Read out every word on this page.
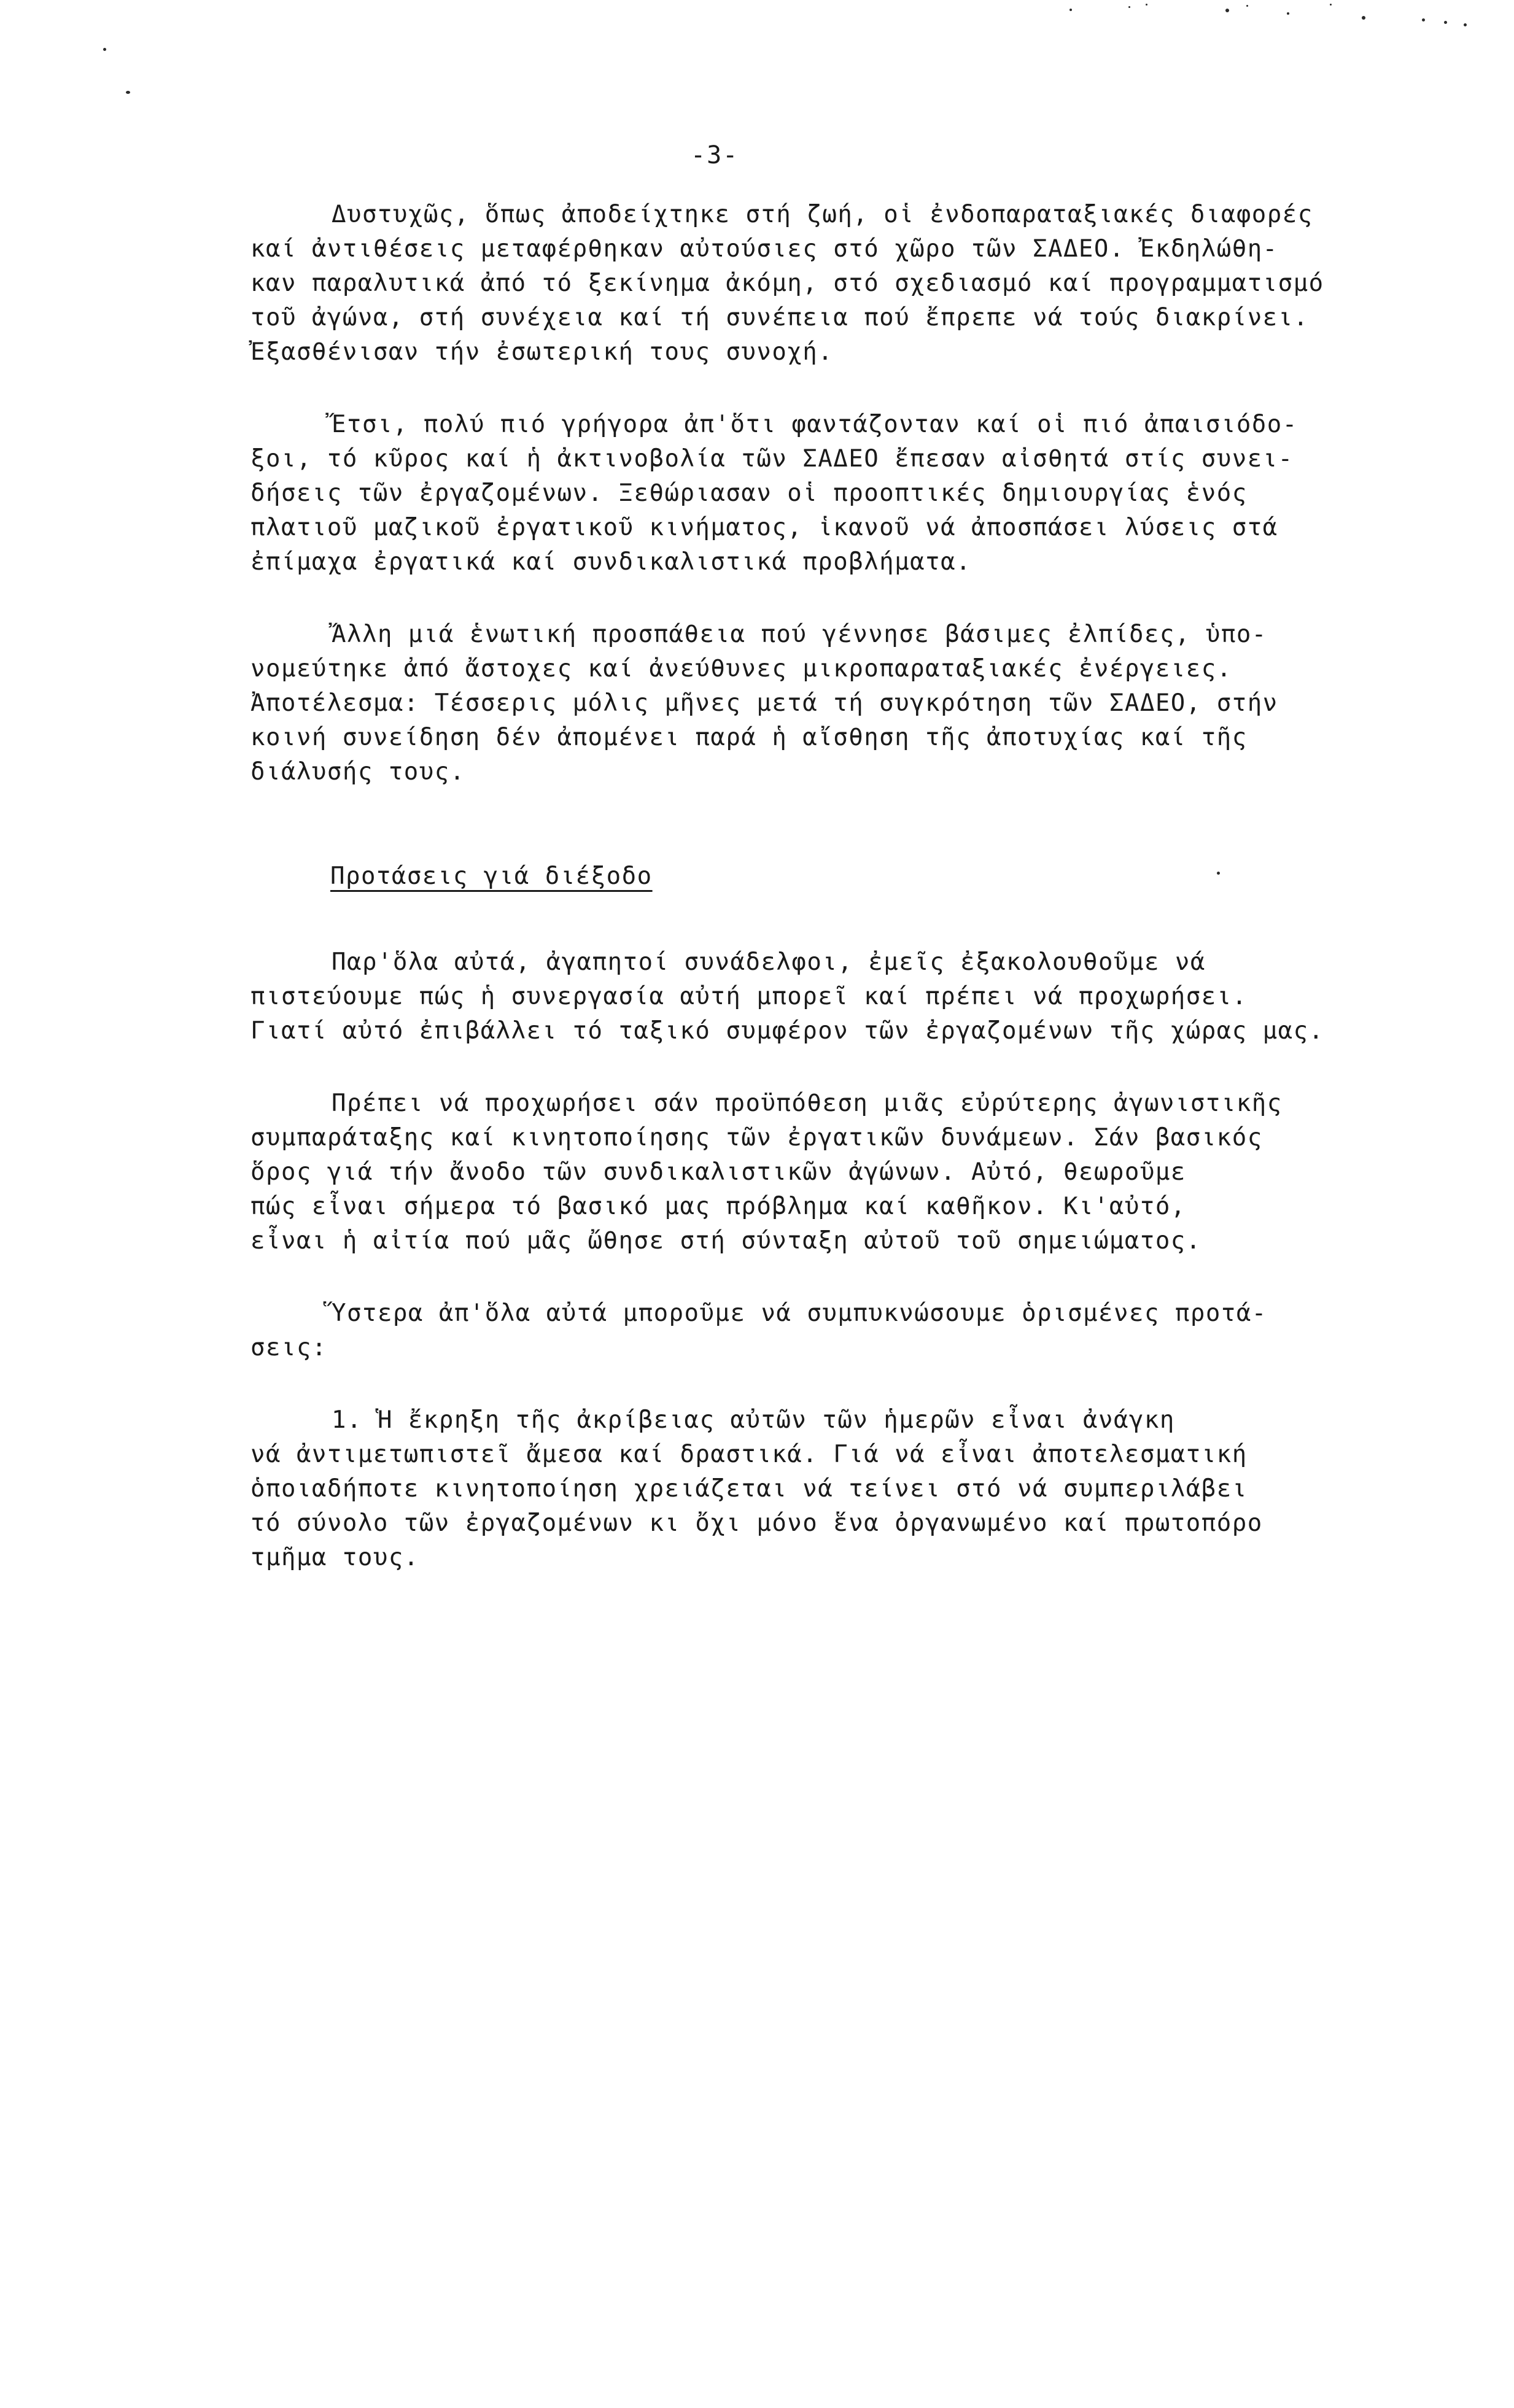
-3-
Δυστυχῶς, ὅπως ἀποδείχτηκε στή ζωή, οἱ ἐνδοπαραταξιακές διαφορές
καί ἀντιθέσεις μεταφέρθηκαν αὐτούσιες στό χῶρο τῶν ΣΑΔΕΟ. Ἐκδηλώθη-
καν παραλυτικά ἀπό τό ξεκίνημα ἀκόμη, στό σχεδιασμό καί προγραμματισμό
τοῦ ἀγώνα, στή συνέχεια καί τή συνέπεια πού ἔπρεπε νά τούς διακρίνει.
Ἐξασθένισαν τήν ἐσωτερική τους συνοχή.
Ἔτσι, πολύ πιό γρήγορα ἀπ'ὅτι φαντάζονταν καί οἱ πιό ἀπαισιόδο-
ξοι, τό κῦρος καί ἡ ἀκτινοβολία τῶν ΣΑΔΕΟ ἔπεσαν αἰσθητά στίς συνει-
δήσεις τῶν ἐργαζομένων. Ξεθώριασαν οἱ προοπτικές δημιουργίας ἑνός
πλατιοῦ μαζικοῦ ἐργατικοῦ κινήματος, ἱκανοῦ νά ἀποσπάσει λύσεις στά
ἐπίμαχα ἐργατικά καί συνδικαλιστικά προβλήματα.
Ἄλλη μιά ἑνωτική προσπάθεια πού γέννησε βάσιμες ἐλπίδες, ὑπο-
νομεύτηκε ἀπό ἄστοχες καί ἀνεύθυνες μικροπαραταξιακές ἐνέργειες.
Ἀποτέλεσμα: Τέσσερις μόλις μῆνες μετά τή συγκρότηση τῶν ΣΑΔΕΟ, στήν
κοινή συνείδηση δέν ἀπομένει παρά ἡ αἴσθηση τῆς ἀποτυχίας καί τῆς
διάλυσής τους.
Προτάσεις γιά διέξοδο
Παρ'ὅλα αὐτά, ἀγαπητοί συνάδελφοι, ἐμεῖς ἐξακολουθοῦμε νά
πιστεύουμε πώς ἡ συνεργασία αὐτή μπορεῖ καί πρέπει νά προχωρήσει.
Γιατί αὐτό ἐπιβάλλει τό ταξικό συμφέρον τῶν ἐργαζομένων τῆς χώρας μας.
Πρέπει νά προχωρήσει σάν προϋπόθεση μιᾶς εὐρύτερης ἀγωνιστικῆς
συμπαράταξης καί κινητοποίησης τῶν ἐργατικῶν δυνάμεων. Σάν βασικός
ὅρος γιά τήν ἄνοδο τῶν συνδικαλιστικῶν ἀγώνων. Αὐτό, θεωροῦμε
πώς εἶναι σήμερα τό βασικό μας πρόβλημα καί καθῆκον. Κι'αὐτό,
εἶναι ἡ αἰτία πού μᾶς ὤθησε στή σύνταξη αὐτοῦ τοῦ σημειώματος.
Ὕστερα ἀπ'ὅλα αὐτά μποροῦμε νά συμπυκνώσουμε ὁρισμένες προτά-
σεις:
1. Ἡ ἔκρηξη τῆς ἀκρίβειας αὐτῶν τῶν ἡμερῶν εἶναι ἀνάγκη
νά ἀντιμετωπιστεῖ ἄμεσα καί δραστικά. Γιά νά εἶναι ἀποτελεσματική
ὁποιαδήποτε κινητοποίηση χρειάζεται νά τείνει στό νά συμπεριλάβει
τό σύνολο τῶν ἐργαζομένων κι ὄχι μόνο ἕνα ὀργανωμένο καί πρωτοπόρο
τμῆμα τους.
